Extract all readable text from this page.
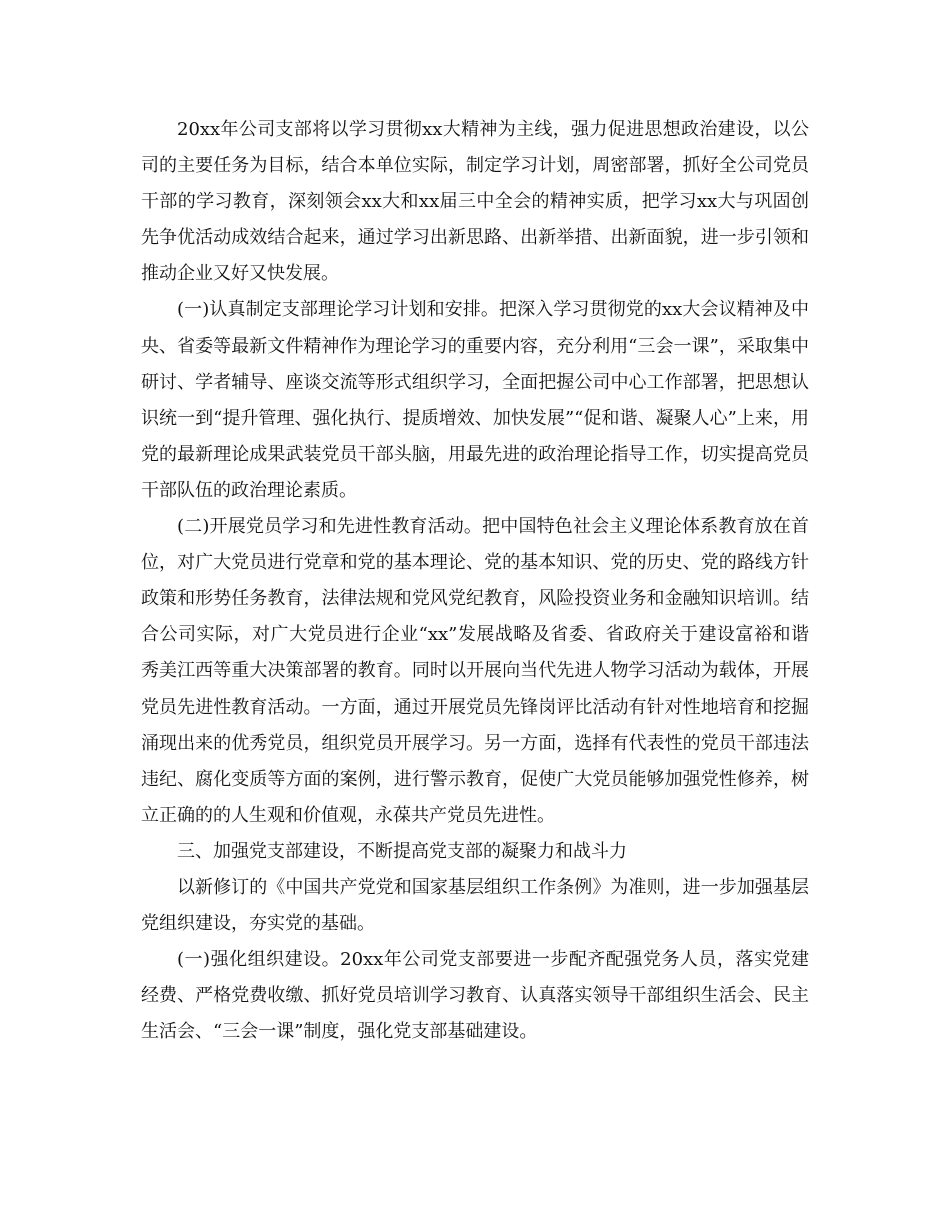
20xx年公司支部将以学习贯彻xx大精神为主线，强力促进思想政治建设，以公司的主要任务为目标，结合本单位实际，制定学习计划，周密部署，抓好全公司党员干部的学习教育，深刻领会xx大和xx届三中全会的精神实质，把学习xx大与巩固创先争优活动成效结合起来，通过学习出新思路、出新举措、出新面貌，进一步引领和推动企业又好又快发展。

(一)认真制定支部理论学习计划和安排。把深入学习贯彻党的xx大会议精神及中央、省委等最新文件精神作为理论学习的重要内容，充分利用“三会一课”，采取集中研讨、学者辅导、座谈交流等形式组织学习，全面把握公司中心工作部署，把思想认识统一到“提升管理、强化执行、提质增效、加快发展”“促和谐、凝聚人心”上来，用党的最新理论成果武装党员干部头脑，用最先进的政治理论指导工作，切实提高党员干部队伍的政治理论素质。

(二)开展党员学习和先进性教育活动。把中国特色社会主义理论体系教育放在首位，对广大党员进行党章和党的基本理论、党的基本知识、党的历史、党的路线方针政策和形势任务教育，法律法规和党风党纪教育，风险投资业务和金融知识培训。结合公司实际，对广大党员进行企业“xx”发展战略及省委、省政府关于建设富裕和谐秀美江西等重大决策部署的教育。同时以开展向当代先进人物学习活动为载体，开展党员先进性教育活动。一方面，通过开展党员先锋岗评比活动有针对性地培育和挖掘涌现出来的优秀党员，组织党员开展学习。另一方面，选择有代表性的党员干部违法违纪、腐化变质等方面的案例，进行警示教育，促使广大党员能够加强党性修养，树立正确的的人生观和价值观，永葆共产党员先进性。

三、加强党支部建设，不断提高党支部的凝聚力和战斗力

以新修订的《中国共产党党和国家基层组织工作条例》为准则，进一步加强基层党组织建设，夯实党的基础。

(一)强化组织建设。20xx年公司党支部要进一步配齐配强党务人员，落实党建经费、严格党费收缴、抓好党员培训学习教育、认真落实领导干部组织生活会、民主生活会、“三会一课”制度，强化党支部基础建设。
